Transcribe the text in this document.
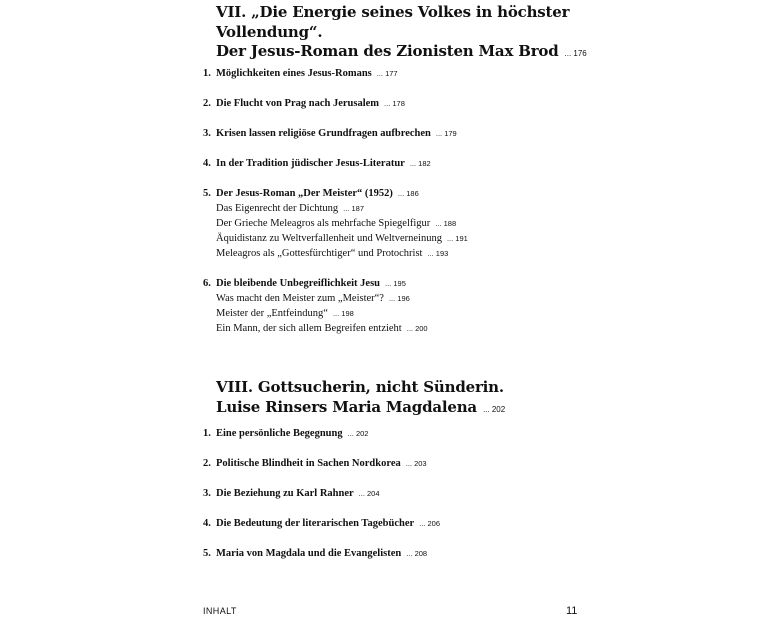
VII. „Die Energie seines Volkes in höchster
Vollendung“.
Der Jesus-Roman des Zionisten Max Brod ... 176
1. Möglichkeiten eines Jesus-Romans ... 177
2. Die Flucht von Prag nach Jerusalem ... 178
3. Krisen lassen religiöse Grundfragen aufbrechen ... 179
4. In der Tradition jüdischer Jesus-Literatur ... 182
5. Der Jesus-Roman „Der Meister“ (1952) ... 186
Das Eigenrecht der Dichtung ... 187
Der Grieche Meleagros als mehrfache Spiegelfigur ... 188
Äquidistanz zu Weltverfallenheit und Weltverneinung ... 191
Meleagros als „Gottesfürchtiger“ und Protochrist ... 193
6. Die bleibende Unbegreiflichkeit Jesu ... 195
Was macht den Meister zum „Meister“? ... 196
Meister der „Entfeindung“ ... 198
Ein Mann, der sich allem Begreifen entzieht ... 200
VIII. Gottsucherin, nicht Sünderin.
Luise Rinsers Maria Magdalena ... 202
1. Eine persönliche Begegnung ... 202
2. Politische Blindheit in Sachen Nordkorea ... 203
3. Die Beziehung zu Karl Rahner ... 204
4. Die Bedeutung der literarischen Tagebücher ... 206
5. Maria von Magdala und die Evangelisten ... 208

INHALT	11
